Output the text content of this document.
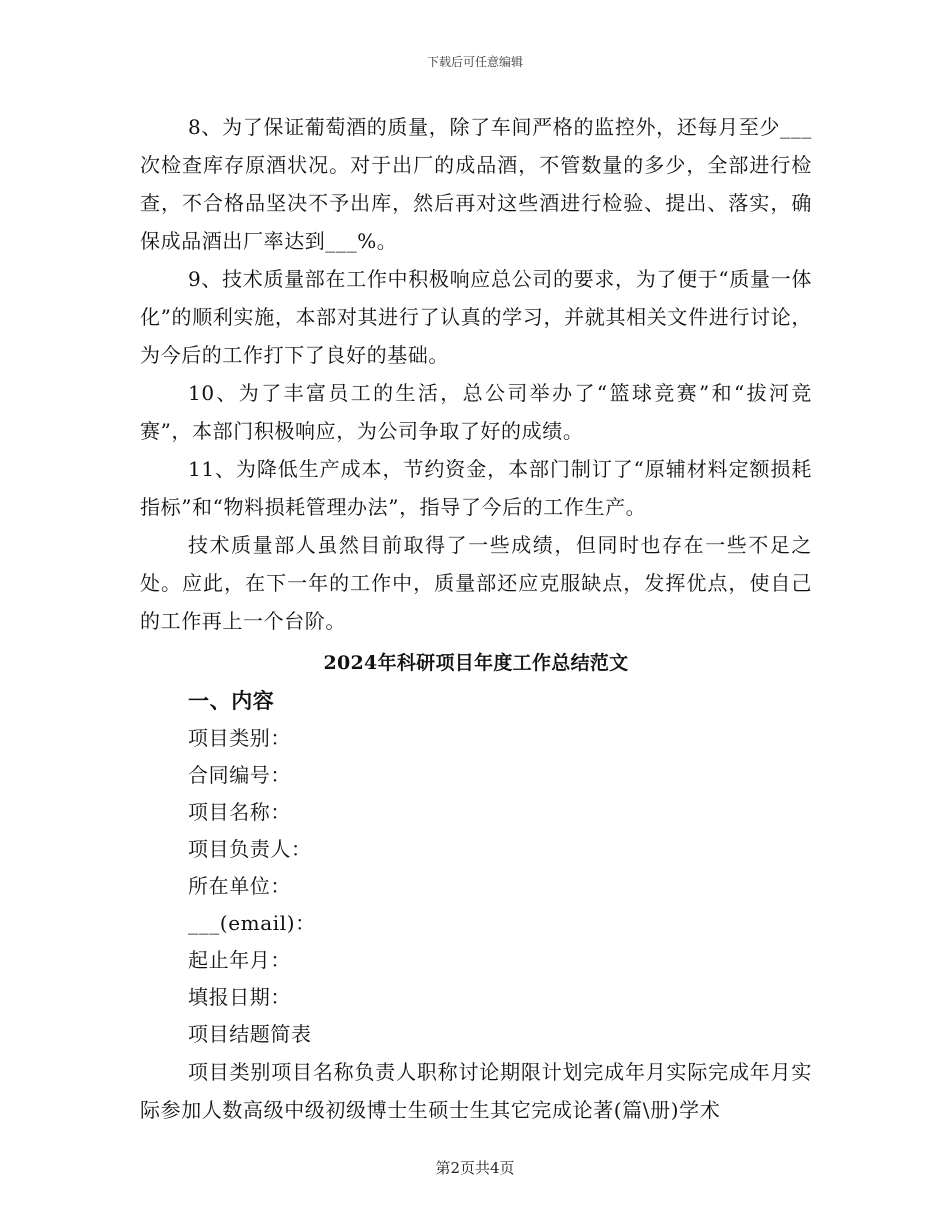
下载后可任意编辑

8、为了保证葡萄酒的质量，除了车间严格的监控外，还每月至少___次检查库存原酒状况。对于出厂的成品酒，不管数量的多少，全部进行检查，不合格品坚决不予出库，然后再对这些酒进行检验、提出、落实，确保成品酒出厂率达到___%。

9、技术质量部在工作中积极响应总公司的要求，为了便于“质量一体化”的顺利实施，本部对其进行了认真的学习，并就其相关文件进行讨论，为今后的工作打下了良好的基础。

10、为了丰富员工的生活，总公司举办了“篮球竞赛”和“拔河竞赛”，本部门积极响应，为公司争取了好的成绩。

11、为降低生产成本，节约资金，本部门制订了“原辅材料定额损耗指标”和“物料损耗管理办法”，指导了今后的工作生产。

技术质量部人虽然目前取得了一些成绩，但同时也存在一些不足之处。应此，在下一年的工作中，质量部还应克服缺点，发挥优点，使自己的工作再上一个台阶。

2024年科研项目年度工作总结范文
一、内容

项目类别：

合同编号：

项目名称：

项目负责人：

所在单位：

___(email)：

起止年月：

填报日期：

项目结题简表

项目类别项目名称负责人职称讨论期限计划完成年月实际完成年月实际参加人数高级中级初级博士生硕士生其它完成论著(篇\册)学术

第2页共4页
